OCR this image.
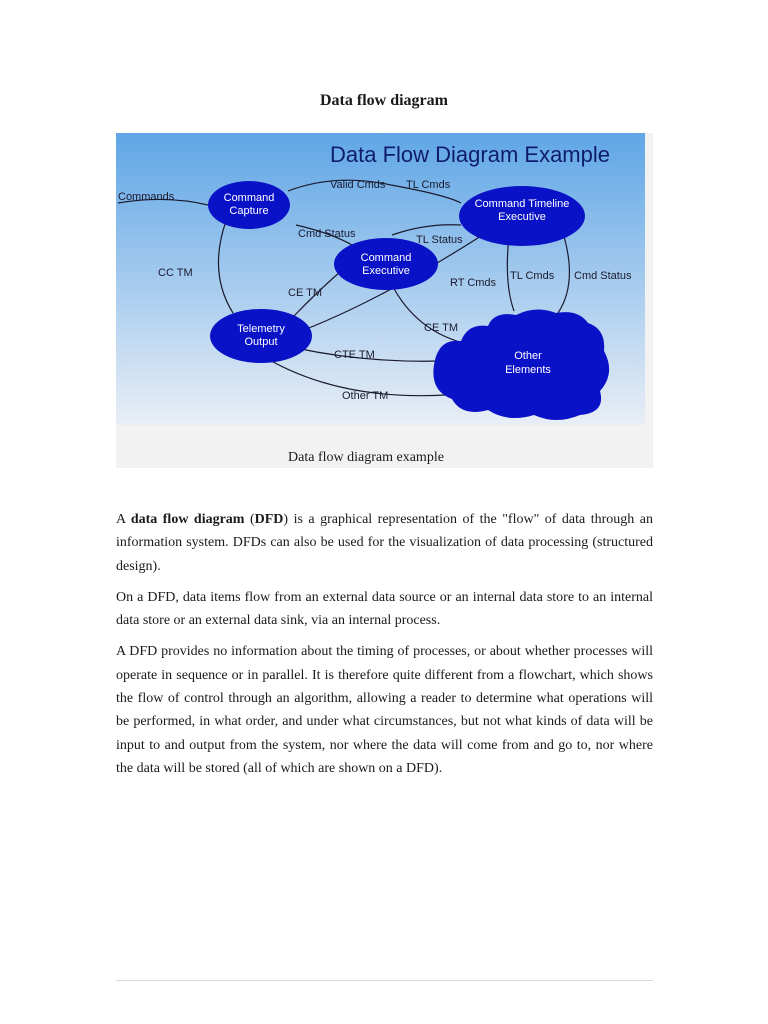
Data flow diagram
Data Flow Diagram Example
Command
Capture
Command
Executive
Command Timeline
Executive
Telemetry
Output
Other
Elements
Commands
Valid Cmds TL Cmds
Cmd Status	TL Status
CC TM
CE TM
RT Cmds
TL Cmds Cmd Status
CE TM
CTE TM
Other TM
Data flow diagram example

A data flow diagram (DFD) is a graphical representation of the "flow" of data through an information system. DFDs can also be used for the visualization of data processing (structured design).

On a DFD, data items flow from an external data source or an internal data store to an internal data store or an external data sink, via an internal process.

A DFD provides no information about the timing of processes, or about whether processes will operate in sequence or in parallel. It is therefore quite different from a flowchart, which shows the flow of control through an algorithm, allowing a reader to determine what operations will be performed, in what order, and under what circumstances, but not what kinds of data will be input to and output from the system, nor where the data will come from and go to, nor where the data will be stored (all of which are shown on a DFD).
